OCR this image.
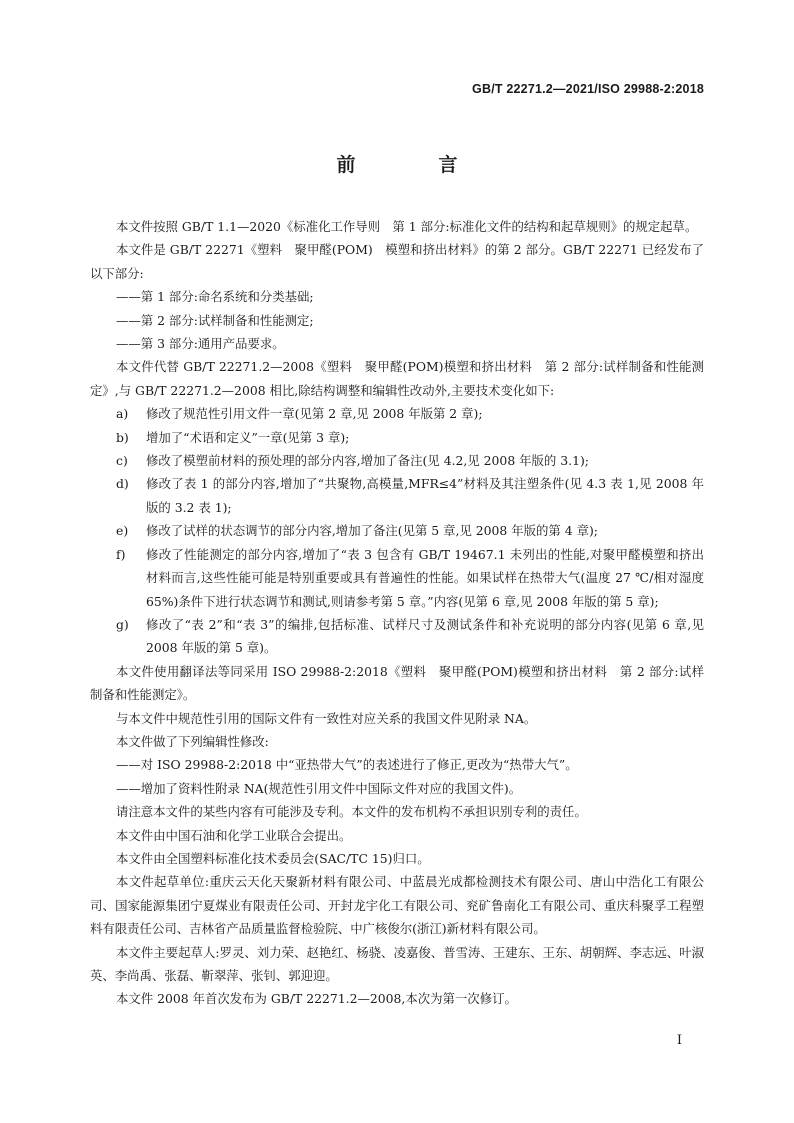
GB/T 22271.2—2021/ISO 29988-2:2018
前　言
本文件按照 GB/T 1.1—2020《标准化工作导则　第 1 部分:标准化文件的结构和起草规则》的规定起草。
本文件是 GB/T 22271《塑料　聚甲醛(POM)　模塑和挤出材料》的第 2 部分。GB/T 22271 已经发布了以下部分:
——第 1 部分:命名系统和分类基础;
——第 2 部分:试样制备和性能测定;
——第 3 部分:通用产品要求。
本文件代替 GB/T 22271.2—2008《塑料　聚甲醛(POM)模塑和挤出材料　第 2 部分:试样制备和性能测定》,与 GB/T 22271.2—2008 相比,除结构调整和编辑性改动外,主要技术变化如下:
a)	修改了规范性引用文件一章(见第 2 章,见 2008 年版第 2 章);
b)	增加了“术语和定义”一章(见第 3 章);
c)	修改了模塑前材料的预处理的部分内容,增加了备注(见 4.2,见 2008 年版的 3.1);
d)	修改了表 1 的部分内容,增加了“共聚物,高模量,MFR≤4”材料及其注塑条件(见 4.3 表 1,见 2008 年版的 3.2 表 1);
e)	修改了试样的状态调节的部分内容,增加了备注(见第 5 章,见 2008 年版的第 4 章);
f)	修改了性能测定的部分内容,增加了“表 3 包含有 GB/T 19467.1 未列出的性能,对聚甲醛模塑和挤出材料而言,这些性能可能是特别重要或具有普遍性的性能。如果试样在热带大气(温度 27 ℃/相对湿度 65%)条件下进行状态调节和测试,则请参考第 5 章。”内容(见第 6 章,见 2008 年版的第 5 章);
g)	修改了“表 2”和“表 3”的编排,包括标准、试样尺寸及测试条件和补充说明的部分内容(见第 6 章,见 2008 年版的第 5 章)。
本文件使用翻译法等同采用 ISO 29988-2:2018《塑料　聚甲醛(POM)模塑和挤出材料　第 2 部分:试样制备和性能测定》。
与本文件中规范性引用的国际文件有一致性对应关系的我国文件见附录 NA。
本文件做了下列编辑性修改:
——对 ISO 29988-2:2018 中“亚热带大气”的表述进行了修正,更改为“热带大气”。
——增加了资料性附录 NA(规范性引用文件中国际文件对应的我国文件)。
请注意本文件的某些内容有可能涉及专利。本文件的发布机构不承担识别专利的责任。
本文件由中国石油和化学工业联合会提出。
本文件由全国塑料标准化技术委员会(SAC/TC 15)归口。
本文件起草单位:重庆云天化天聚新材料有限公司、中蓝晨光成都检测技术有限公司、唐山中浩化工有限公司、国家能源集团宁夏煤业有限责任公司、开封龙宇化工有限公司、兖矿鲁南化工有限公司、重庆科聚孚工程塑料有限责任公司、吉林省产品质量监督检验院、中广核俊尔(浙江)新材料有限公司。
本文件主要起草人:罗灵、刘力荣、赵艳红、杨骁、凌嘉俊、普雪涛、王建东、王东、胡朝辉、李志远、叶淑英、李尚禹、张磊、靳翠萍、张钊、郭迎迎。
本文件 2008 年首次发布为 GB/T 22271.2—2008,本次为第一次修订。
I
